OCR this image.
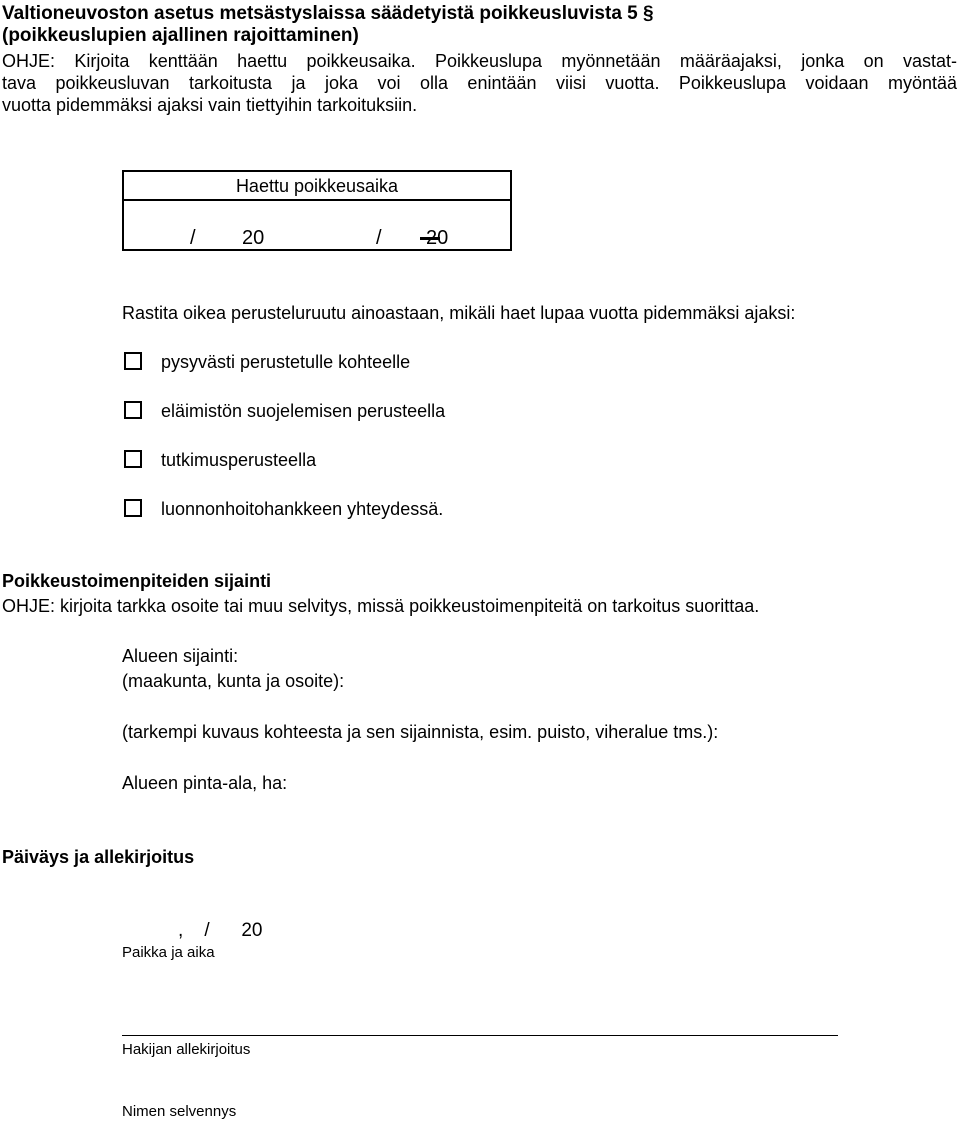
Valtioneuvoston asetus metsästyslaissa säädetyistä poikkeusluvista 5 §
(poikkeuslupien ajallinen rajoittaminen)
OHJE: Kirjoita kenttään haettu poikkeusaika. Poikkeuslupa myönnetään määräajaksi, jonka on vastat-
tava poikkeusluvan tarkoitusta ja joka voi olla enintään viisi vuotta. Poikkeuslupa voidaan myöntää
vuotta pidemmäksi ajaksi vain tiettyihin tarkoituksiin.
Haettu poikkeusaika
/ 20	/ 20
Rastita oikea perusteluruutu ainoastaan, mikäli haet lupaa vuotta pidemmäksi ajaksi:
pysyvästi perustetulle kohteelle
eläimistön suojelemisen perusteella
tutkimusperusteella
luonnonhoitohankkeen yhteydessä.
Poikkeustoimenpiteiden sijainti
OHJE: kirjoita tarkka osoite tai muu selvitys, missä poikkeustoimenpiteitä on tarkoitus suorittaa.
Alueen sijainti:
(maakunta, kunta ja osoite):
(tarkempi kuvaus kohteesta ja sen sijainnista, esim. puisto, viheralue tms.):
Alueen pinta-ala, ha:
Päiväys ja allekirjoitus
,    /      20
Paikka ja aika
Hakijan allekirjoitus
Nimen selvennys
